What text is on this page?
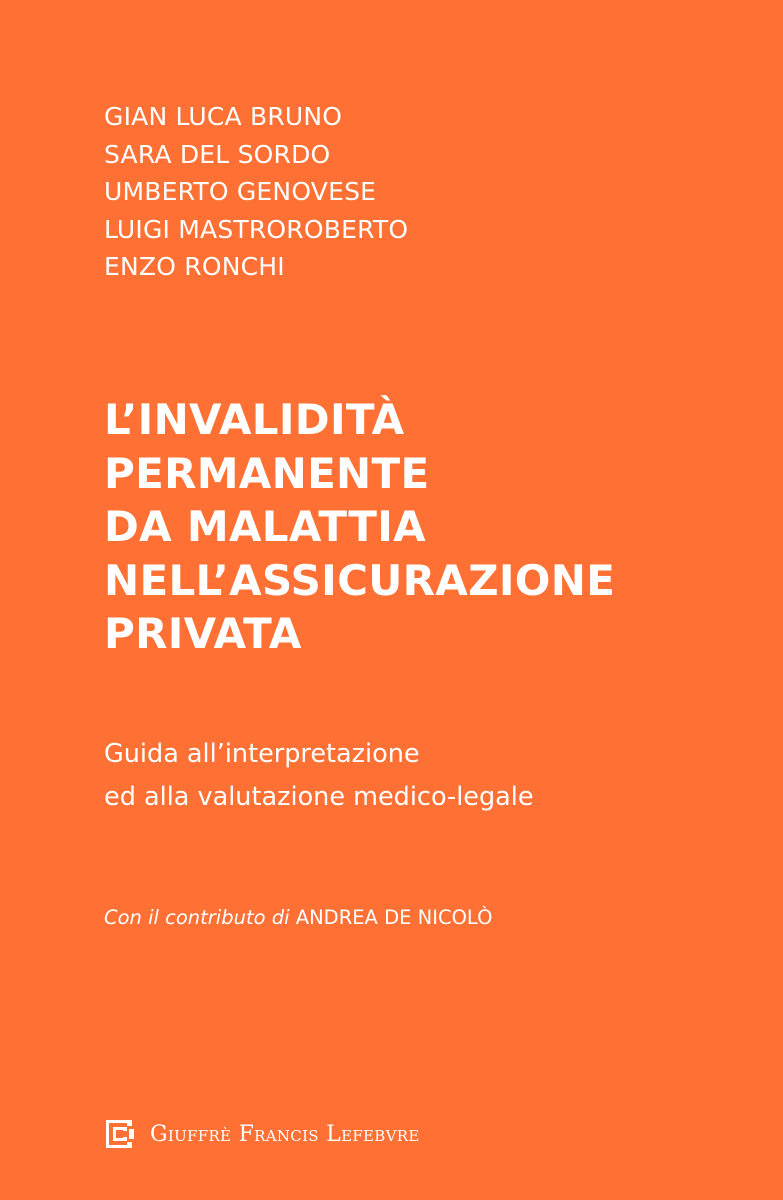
GIAN LUCA BRUNO
SARA DEL SORDO
UMBERTO GENOVESE
LUIGI MASTROROBERTO
ENZO RONCHI
L’INVALIDITÀ
PERMANENTE
DA MALATTIA
NELL’ASSICURAZIONE
PRIVATA

Guida all’interpretazione
ed alla valutazione medico-legale

Con il contributo di ANDREA DE NICOLÒ
Giuffrè Francis Lefebvre
